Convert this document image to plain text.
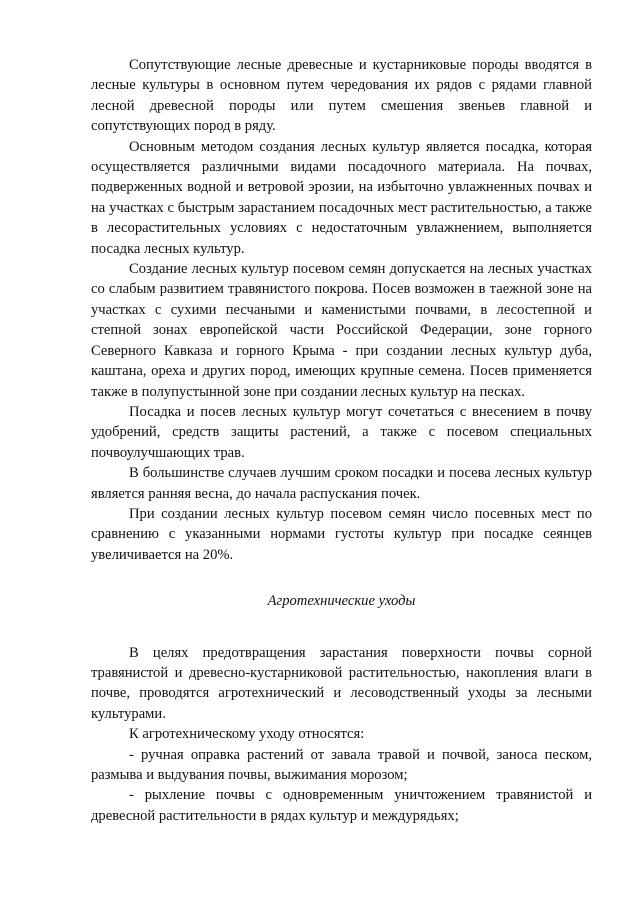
Сопутствующие лесные древесные и кустарниковые породы вводятся в лесные культуры в основном путем чередования их рядов с рядами главной лесной древесной породы или путем смешения звеньев главной и сопутствующих пород в ряду.

Основным методом создания лесных культур является посадка, которая осуществляется различными видами посадочного материала. На почвах, подверженных водной и ветровой эрозии, на избыточно увлажненных почвах и на участках с быстрым зарастанием посадочных мест растительностью, а также в лесорастительных условиях с недостаточным увлажнением, выполняется посадка лесных культур.

Создание лесных культур посевом семян допускается на лесных участках со слабым развитием травянистого покрова. Посев возможен в таежной зоне на участках с сухими песчаными и каменистыми почвами, в лесостепной и степной зонах европейской части Российской Федерации, зоне горного Северного Кавказа и горного Крыма - при создании лесных культур дуба, каштана, ореха и других пород, имеющих крупные семена. Посев применяется также в полупустынной зоне при создании лесных культур на песках.

Посадка и посев лесных культур могут сочетаться с внесением в почву удобрений, средств защиты растений, а также с посевом специальных почвоулучшающих трав.

В большинстве случаев лучшим сроком посадки и посева лесных культур является ранняя весна, до начала распускания почек.

При создании лесных культур посевом семян число посевных мест по сравнению с указанными нормами густоты культур при посадке сеянцев увеличивается на 20%.

Агротехнические уходы

В целях предотвращения зарастания поверхности почвы сорной травянистой и древесно-кустарниковой растительностью, накопления влаги в почве, проводятся агротехнический и лесоводственный уходы за лесными культурами.

К агротехническому уходу относятся:

- ручная оправка растений от завала травой и почвой, заноса песком, размыва и выдувания почвы, выжимания морозом;

- рыхление почвы с одновременным уничтожением травянистой и древесной растительности в рядах культур и междурядьях;
